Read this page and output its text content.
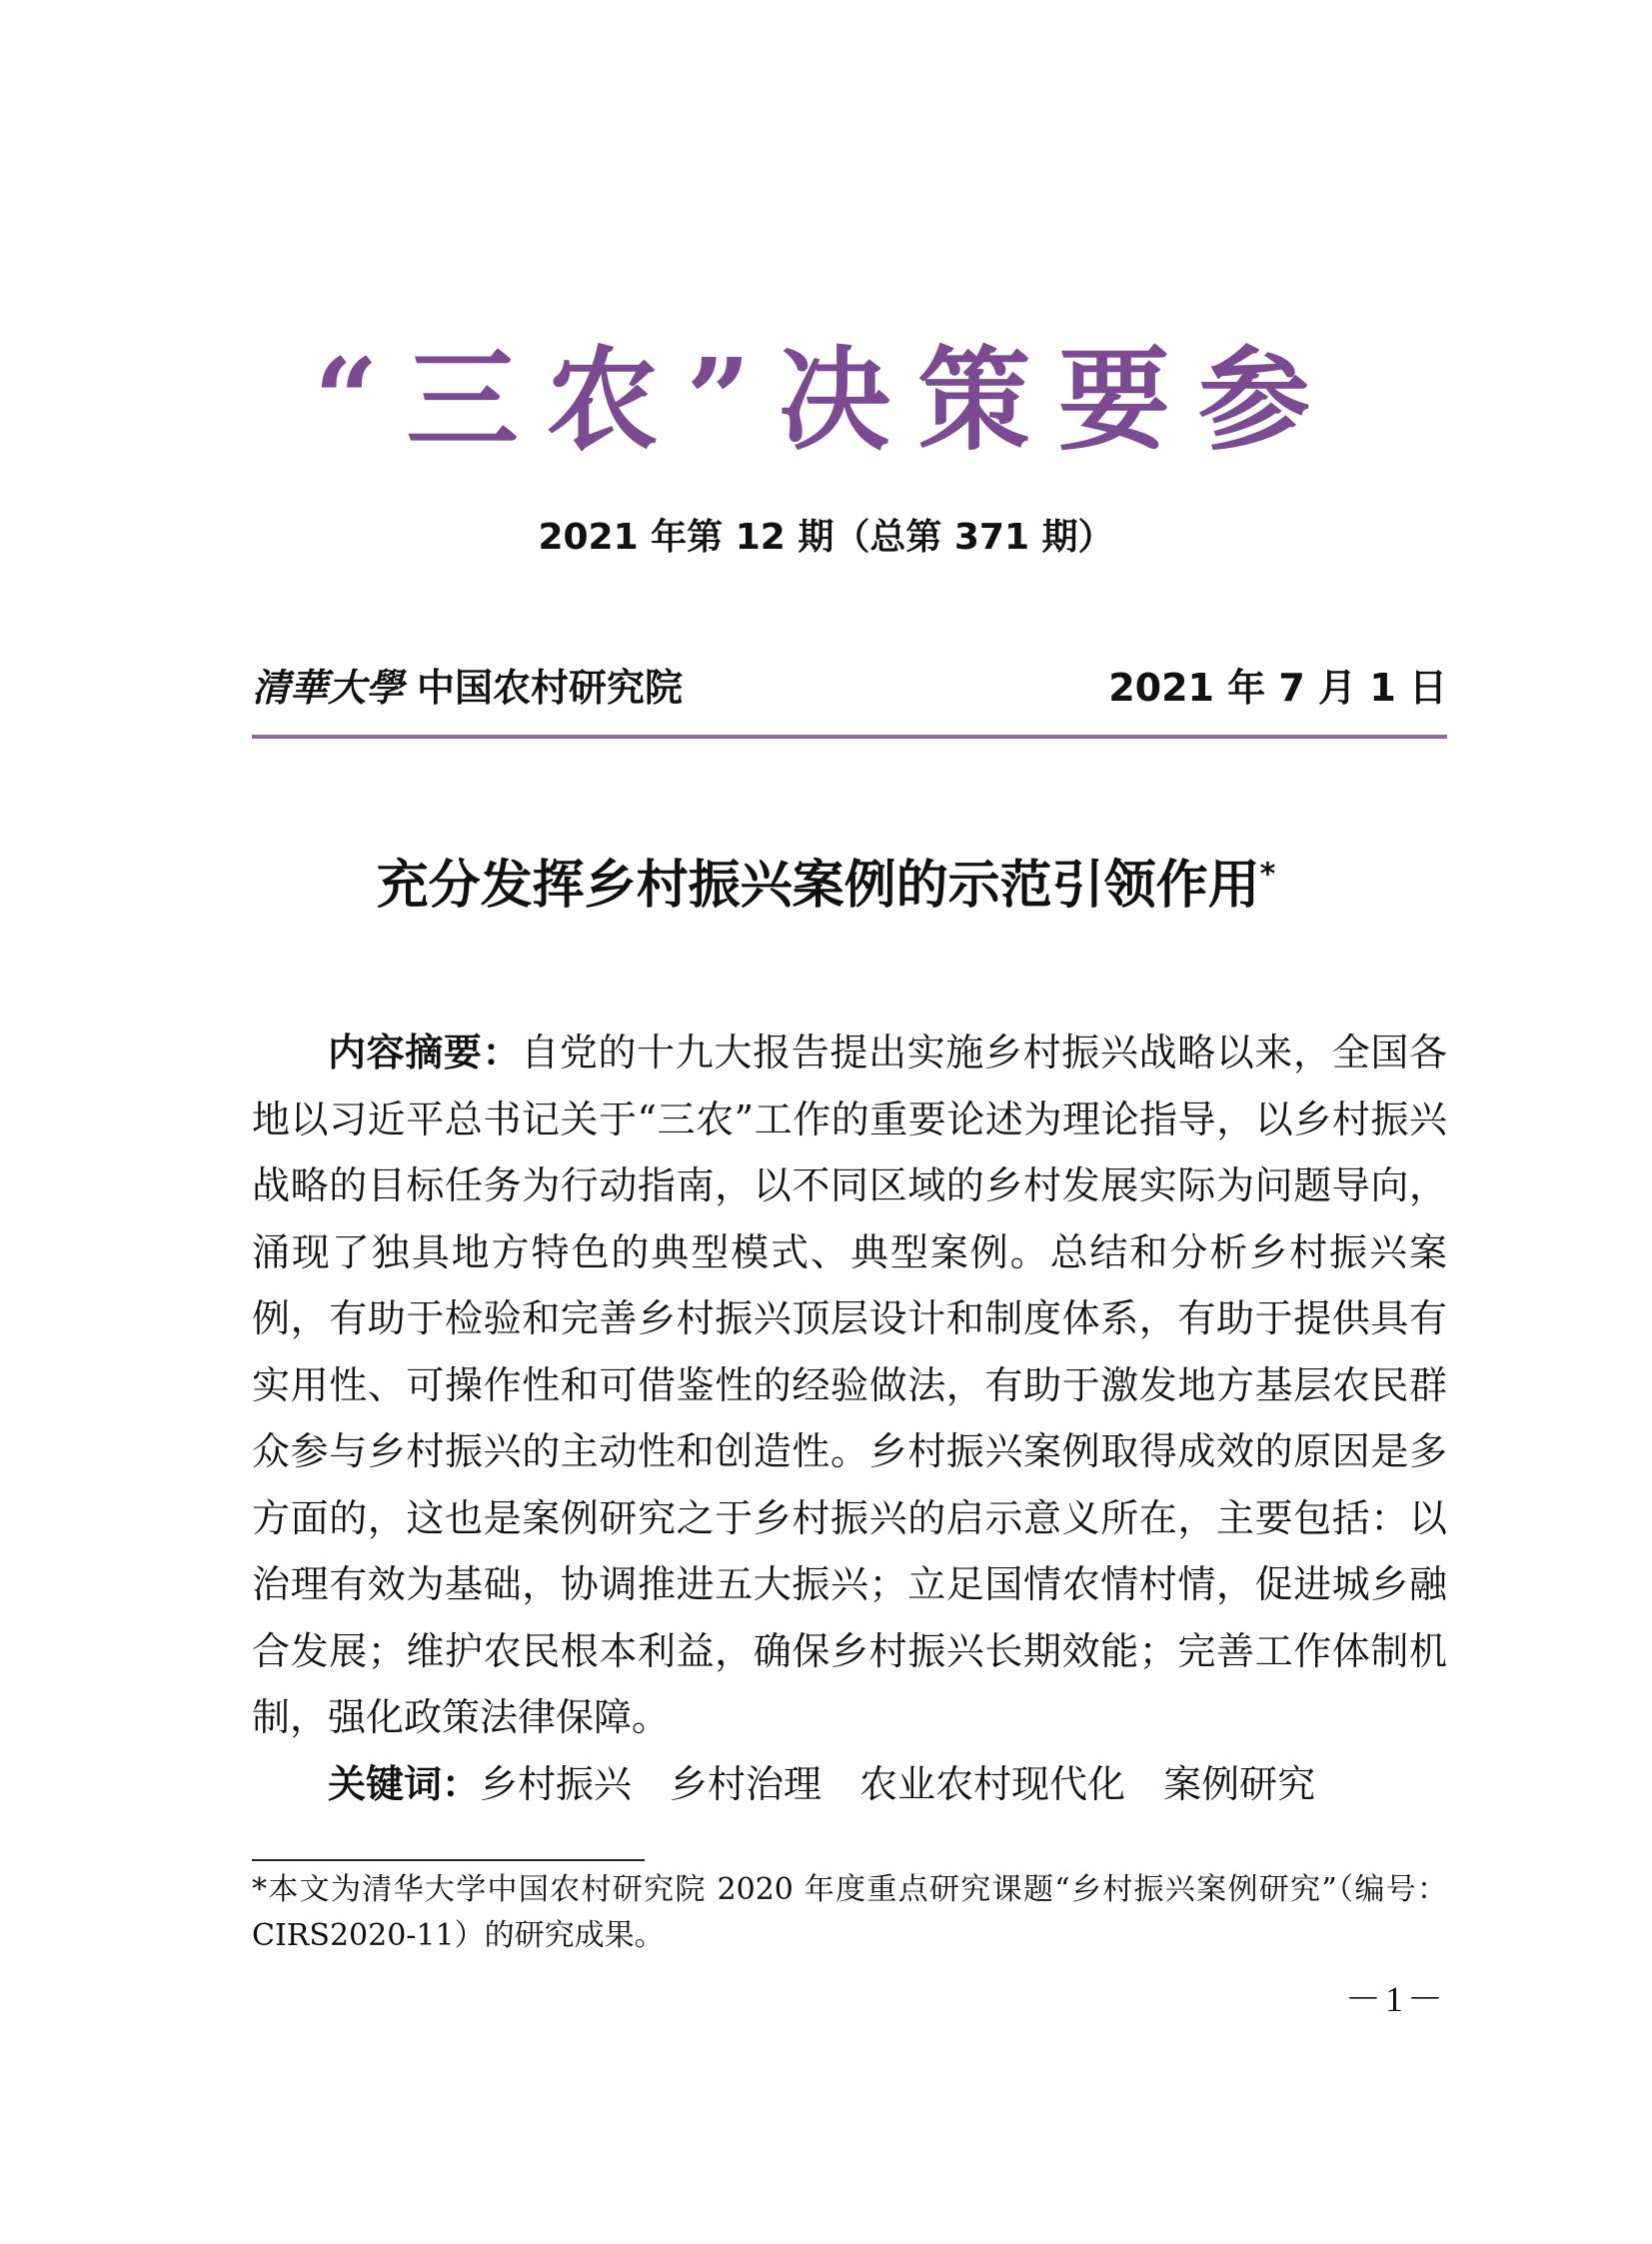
“三农”决策要参
2021 年第 12 期（总第 371 期）
清華大學 中国农村研究院	2021 年 7 月 1 日
充分发挥乡村振兴案例的示范引领作用*

内容摘要：自党的十九大报告提出实施乡村振兴战略以来，全国各地以习近平总书记关于“三农”工作的重要论述为理论指导，以乡村振兴战略的目标任务为行动指南，以不同区域的乡村发展实际为问题导向，涌现了独具地方特色的典型模式、典型案例。总结和分析乡村振兴案例，有助于检验和完善乡村振兴顶层设计和制度体系，有助于提供具有实用性、可操作性和可借鉴性的经验做法，有助于激发地方基层农民群众参与乡村振兴的主动性和创造性。乡村振兴案例取得成效的原因是多方面的，这也是案例研究之于乡村振兴的启示意义所在，主要包括：以治理有效为基础，协调推进五大振兴；立足国情农情村情，促进城乡融合发展；维护农民根本利益，确保乡村振兴长期效能；完善工作体制机制，强化政策法律保障。

关键词：乡村振兴 乡村治理 农业农村现代化 案例研究

*本文为清华大学中国农村研究院 2020 年度重点研究课题“乡村振兴案例研究”（编号：CIRS2020-11）的研究成果。

－1－
